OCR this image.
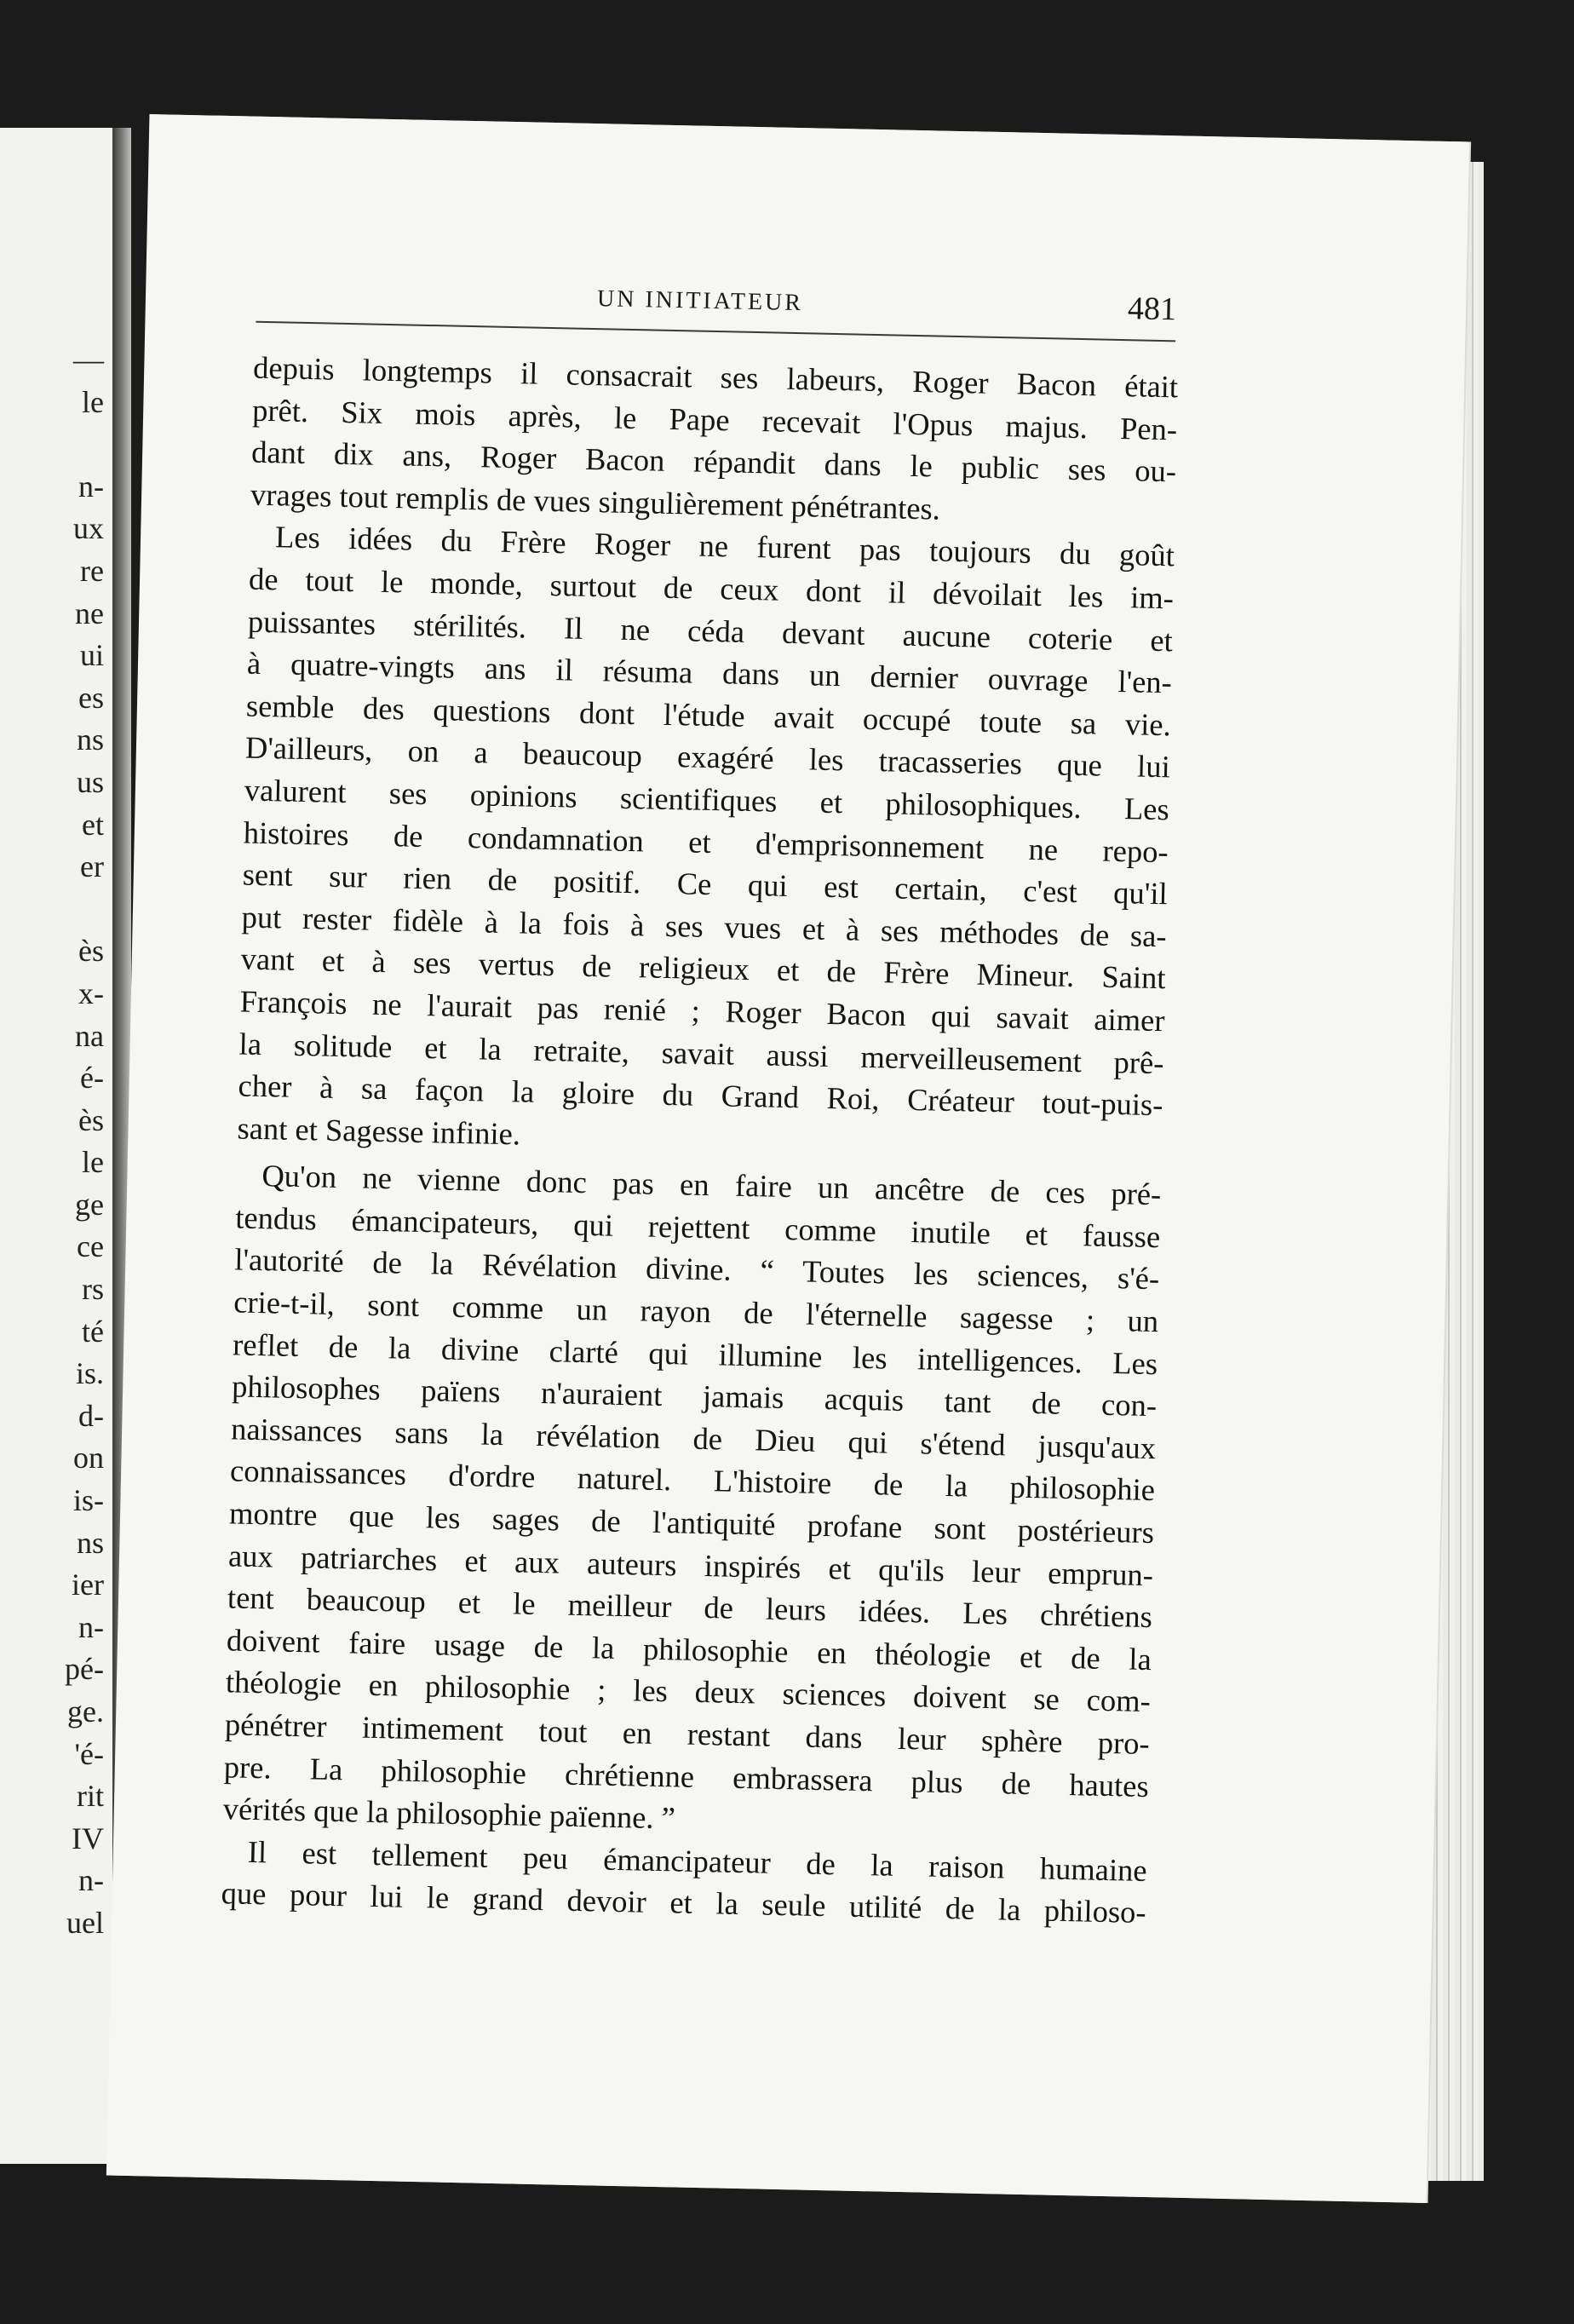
—
le
n-
ux
re
ne
ui
es
ns
us
et
er
ès
x-
na
é-
ès
le
ge
ce
rs
té
is.
d-
on
is-
ns
ier
n-
pé-
ge.
'é-
rit
IV
n-
uel
UN INITIATEUR	481
depuis longtemps il consacrait ses labeurs, Roger Bacon était
prêt. Six mois après, le Pape recevait l'Opus majus. Pen-
dant dix ans, Roger Bacon répandit dans le public ses ou-
vrages tout remplis de vues singulièrement pénétrantes.
Les idées du Frère Roger ne furent pas toujours du goût
de tout le monde, surtout de ceux dont il dévoilait les im-
puissantes stérilités. Il ne céda devant aucune coterie et
à quatre-vingts ans il résuma dans un dernier ouvrage l'en-
semble des questions dont l'étude avait occupé toute sa vie.
D'ailleurs, on a beaucoup exagéré les tracasseries que lui
valurent ses opinions scientifiques et philosophiques. Les
histoires de condamnation et d'emprisonnement ne repo-
sent sur rien de positif. Ce qui est certain, c'est qu'il
put rester fidèle à la fois à ses vues et à ses méthodes de sa-
vant et à ses vertus de religieux et de Frère Mineur. Saint
François ne l'aurait pas renié ; Roger Bacon qui savait aimer
la solitude et la retraite, savait aussi merveilleusement prê-
cher à sa façon la gloire du Grand Roi, Créateur tout-puis-
sant et Sagesse infinie.
Qu'on ne vienne donc pas en faire un ancêtre de ces pré-
tendus émancipateurs, qui rejettent comme inutile et fausse
l'autorité de la Révélation divine. “ Toutes les sciences, s'é-
crie-t-il, sont comme un rayon de l'éternelle sagesse ; un
reflet de la divine clarté qui illumine les intelligences. Les
philosophes païens n'auraient jamais acquis tant de con-
naissances sans la révélation de Dieu qui s'étend jusqu'aux
connaissances d'ordre naturel. L'histoire de la philosophie
montre que les sages de l'antiquité profane sont postérieurs
aux patriarches et aux auteurs inspirés et qu'ils leur emprun-
tent beaucoup et le meilleur de leurs idées. Les chrétiens
doivent faire usage de la philosophie en théologie et de la
théologie en philosophie ; les deux sciences doivent se com-
pénétrer intimement tout en restant dans leur sphère pro-
pre. La philosophie chrétienne embrassera plus de hautes
vérités que la philosophie païenne. ”
Il est tellement peu émancipateur de la raison humaine
que pour lui le grand devoir et la seule utilité de la philoso-
